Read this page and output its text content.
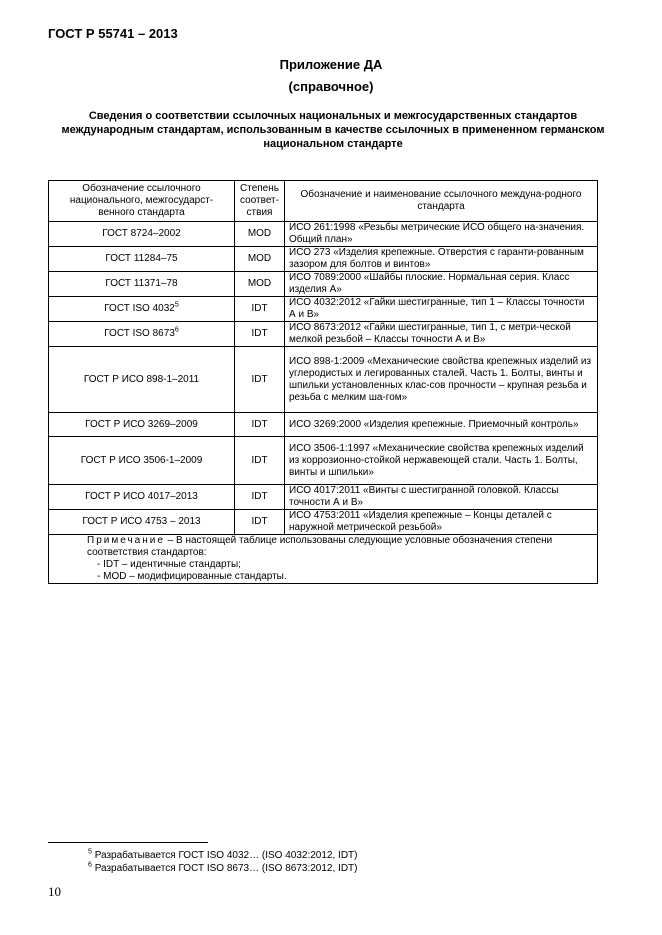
ГОСТ Р 55741 – 2013
Приложение ДА
(справочное)
Сведения о соответствии ссылочных национальных и межгосударственных стандартов международным стандартам, использованным в качестве ссылочных в примененном германском национальном стандарте
Обозначение ссылочного национального, межгосударст-венного стандарта	Степень соответ-ствия	Обозначение и наименование ссылочного междуна-родного стандарта
ГОСТ 8724–2002	MOD	ИСО 261:1998 «Резьбы метрические ИСО общего на-значения. Общий план»
ГОСТ 11284–75	MOD	ИСО 273 «Изделия крепежные. Отверстия с гаранти-рованным зазором для болтов и винтов»
ГОСТ 11371–78	MOD	ИСО 7089:2000 «Шайбы плоские. Нормальная серия. Класс изделия А»
ГОСТ ISO 4032$^5$	IDT	ИСО 4032:2012 «Гайки шестигранные, тип 1 – Классы точности А и В»
ГОСТ ISO 8673$^6$	IDT	ИСО 8673:2012 «Гайки шестигранные, тип 1, с метри-ческой мелкой резьбой – Классы точности А и В»
ГОСТ Р ИСО 898-1–2011	IDT	ИСО 898-1:2009 «Механические свойства крепежных изделий из углеродистых и легированных сталей. Часть 1. Болты, винты и шпильки установленных клас-сов прочности – крупная резьба и резьба с мелким ша-гом»
ГОСТ Р ИСО 3269–2009	IDT	ИСО 3269:2000 «Изделия крепежные. Приемочный контроль»
ГОСТ Р ИСО 3506-1–2009	IDT	ИСО 3506-1:1997 «Механические свойства крепежных изделий из коррозионно-стойкой нержавеющей стали. Часть 1. Болты, винты и шпильки»
ГОСТ Р ИСО 4017–2013	IDT	ИСО 4017:2011 «Винты с шестигранной головкой. Классы точности А и В»
ГОСТ Р ИСО 4753 – 2013	IDT	ИСО 4753:2011 «Изделия крепежные – Концы деталей с наружной метрической резьбой»

Примечание – В настоящей таблице использованы следующие условные обозначения степени соответствия стандартов:
- IDT – идентичные стандарты;
- MOD – модифицированные стандарты.		
$^5$ Разрабатывается ГОСТ ISO 4032… (ISO 4032:2012, IDT)
$^6$ Разрабатывается ГОСТ ISO 8673… (ISO 8673:2012, IDT)
10
